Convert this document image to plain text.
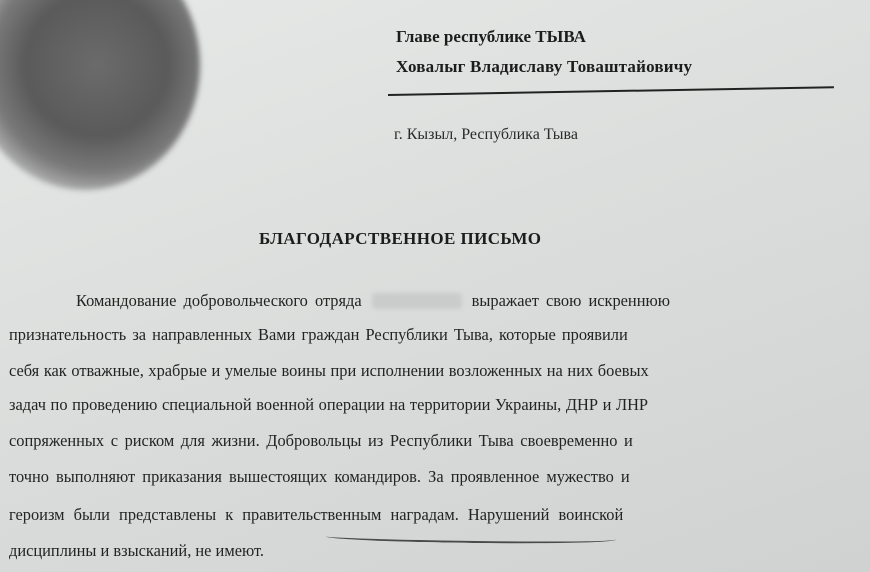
Главе республике ТЫВА
Ховалыг Владиславу Товаштайовичу
г. Кызыл, Республика Тыва
БЛАГОДАРСТВЕННОЕ ПИСЬМО
Командование добровольческого отряда	выражает свою искреннюю
признательность за направленных Вами граждан Республики Тыва, которые проявили
себя как отважные, храбрые и умелые воины при исполнении возложенных на них боевых
задач по проведению специальной военной операции на территории Украины, ДНР и ЛНР
сопряженных с риском для жизни. Добровольцы из Республики Тыва своевременно и
точно выполняют приказания вышестоящих командиров. За проявленное мужество и
героизм были представлены к правительственным наградам. Нарушений воинской
дисциплины и взысканий, не имеют.
